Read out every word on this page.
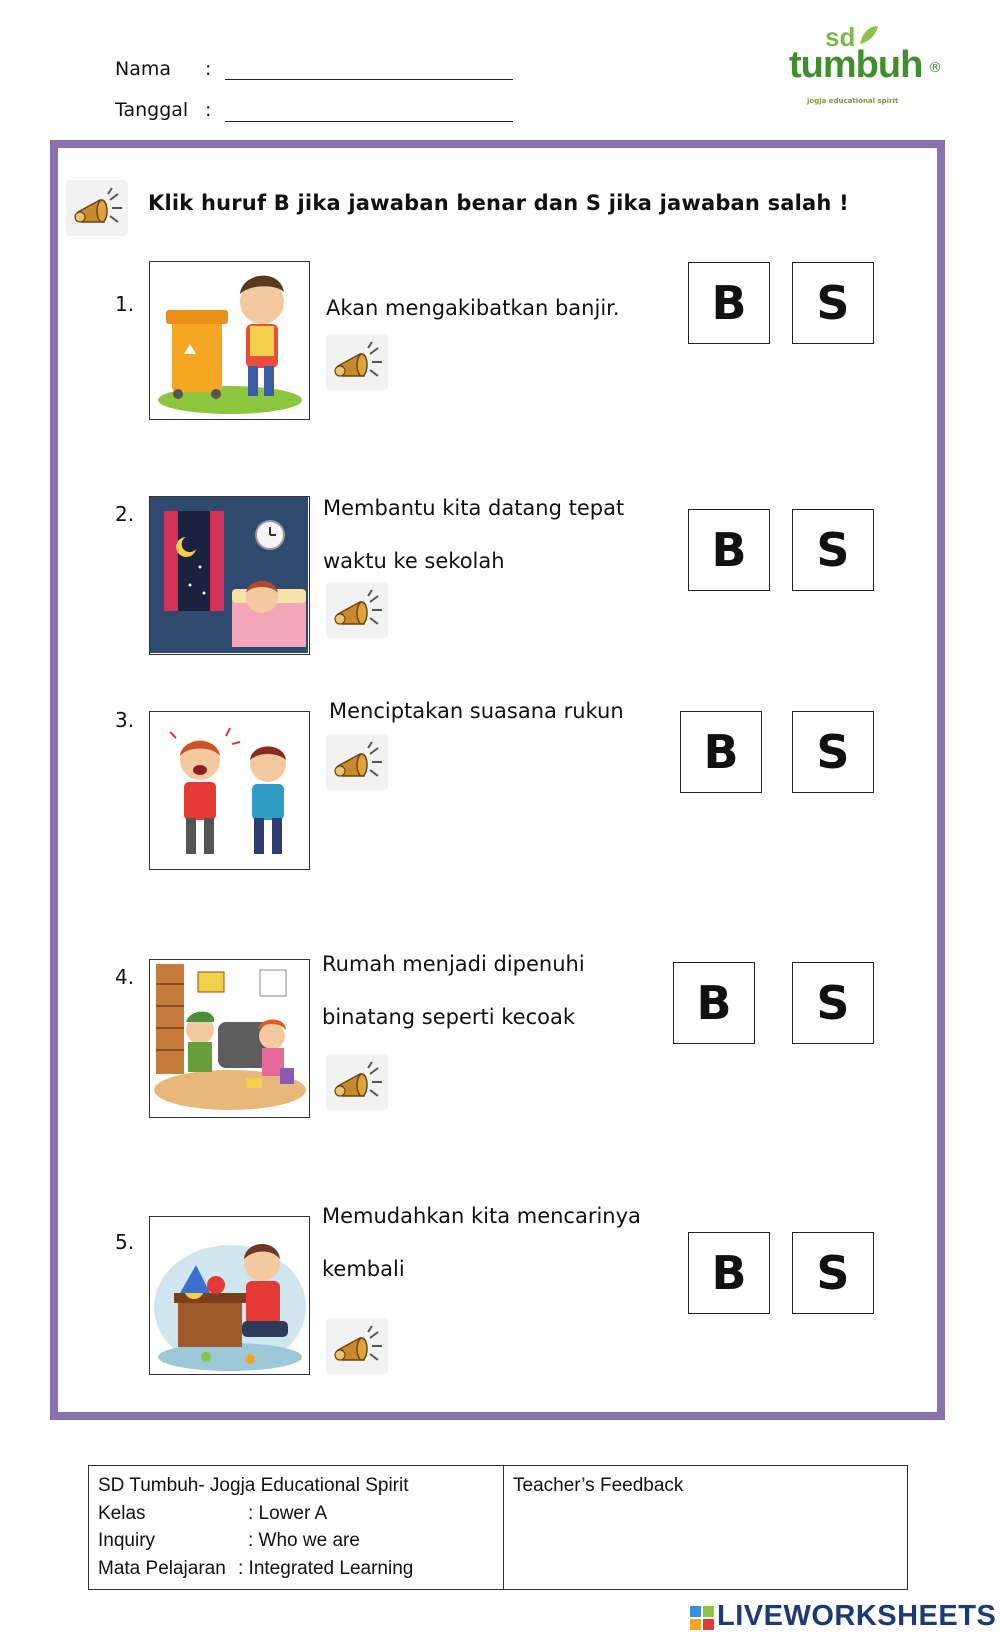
Nama :
Tanggal :
sd
tumbuh ®
jogja educational spirit
Klik huruf B jika jawaban benar dan S jika jawaban salah !
1.	Akan mengakibatkan banjir.	B	S
2.	Membantu kita datang tepat
waktu ke sekolah	B	S
3.	Menciptakan suasana rukun
B	S
4.
Rumah menjadi dipenuhi
binatang seperti kecoak	B	S
5.
Memudahkan kita mencarinya
kembali	B	S
SD Tumbuh- Jogja Educational Spirit
Kelas	: Lower A
Inquiry	: Who we are
Mata Pelajaran : Integrated Learning
Teacher’s Feedback
LIVEWORKSHEETS
